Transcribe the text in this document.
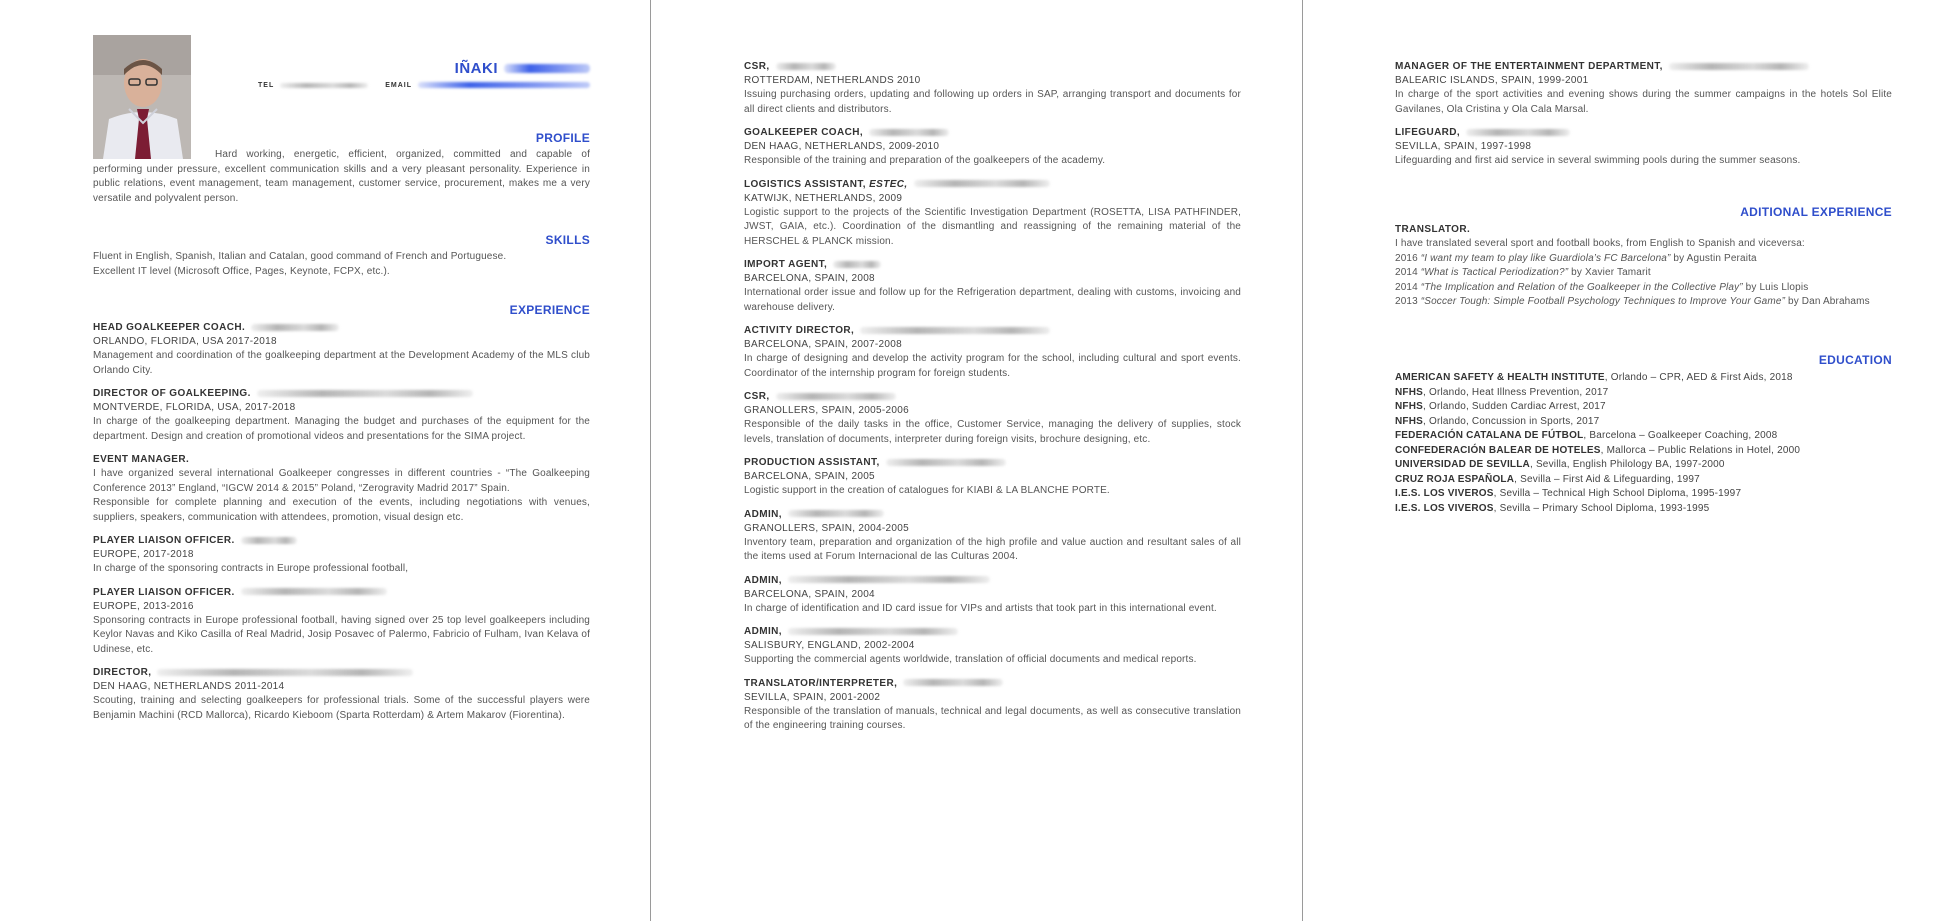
IÑAKI
TEL	EMAIL
PROFILE
Hard working, energetic, efficient, organized, committed and capable of performing under pressure, excellent communication skills and a very pleasant personality. Experience in public relations, event management, team management, customer service, procurement, makes me a very versatile and polyvalent person.
SKILLS
Fluent in English, Spanish, Italian and Catalan, good command of French and Portuguese.
Excellent IT level (Microsoft Office, Pages, Keynote, FCPX, etc.).
EXPERIENCE
HEAD GOALKEEPER COACH.
ORLANDO, FLORIDA, USA 2017-2018
Management and coordination of the goalkeeping department at the Development Academy of the MLS club Orlando City.
DIRECTOR OF GOALKEEPING.
MONTVERDE, FLORIDA, USA, 2017-2018
In charge of the goalkeeping department. Managing the budget and purchases of the equipment for the department. Design and creation of promotional videos and presentations for the SIMA project.
EVENT MANAGER.
I have organized several international Goalkeeper congresses in different countries - “The Goalkeeping Conference 2013” England, “IGCW 2014 & 2015” Poland, “Zerogravity Madrid 2017” Spain.
Responsible for complete planning and execution of the events, including negotiations with venues, suppliers, speakers, communication with attendees, promotion, visual design etc.
PLAYER LIAISON OFFICER.
EUROPE, 2017-2018
In charge of the sponsoring contracts in Europe professional football,
PLAYER LIAISON OFFICER.
EUROPE, 2013-2016
Sponsoring contracts in Europe professional football, having signed over 25 top level goalkeepers including Keylor Navas and Kiko Casilla of Real Madrid, Josip Posavec of Palermo, Fabricio of Fulham, Ivan Kelava of Udinese, etc.
DIRECTOR,
DEN HAAG, NETHERLANDS 2011-2014
Scouting, training and selecting goalkeepers for professional trials. Some of the successful players were Benjamin Machini (RCD Mallorca), Ricardo Kieboom (Sparta Rotterdam) & Artem Makarov (Fiorentina).
CSR,
ROTTERDAM, NETHERLANDS 2010
Issuing purchasing orders, updating and following up orders in SAP, arranging transport and documents for all direct clients and distributors.
GOALKEEPER COACH,
DEN HAAG, NETHERLANDS, 2009-2010
Responsible of the training and preparation of the goalkeepers of the academy.
LOGISTICS ASSISTANT, ESTEC,
KATWIJK, NETHERLANDS, 2009
Logistic support to the projects of the Scientific Investigation Department (ROSETTA, LISA PATHFINDER, JWST, GAIA, etc.). Coordination of the dismantling and reassigning of the remaining material of the HERSCHEL & PLANCK mission.
IMPORT AGENT,
BARCELONA, SPAIN, 2008
International order issue and follow up for the Refrigeration department, dealing with customs, invoicing and warehouse delivery.
ACTIVITY DIRECTOR,
BARCELONA, SPAIN, 2007-2008
In charge of designing and develop the activity program for the school, including cultural and sport events. Coordinator of the internship program for foreign students.
CSR,
GRANOLLERS, SPAIN, 2005-2006
Responsible of the daily tasks in the office, Customer Service, managing the delivery of supplies, stock levels, translation of documents, interpreter during foreign visits, brochure designing, etc.
PRODUCTION ASSISTANT,
BARCELONA, SPAIN, 2005
Logistic support in the creation of catalogues for KIABI & LA BLANCHE PORTE.
ADMIN,
GRANOLLERS, SPAIN, 2004-2005
Inventory team, preparation and organization of the high profile and value auction and resultant sales of all the items used at Forum Internacional de las Culturas 2004.
ADMIN,
BARCELONA, SPAIN, 2004
In charge of identification and ID card issue for VIPs and artists that took part in this international event.
ADMIN,
SALISBURY, ENGLAND, 2002-2004
Supporting the commercial agents worldwide, translation of official documents and medical reports.
TRANSLATOR/INTERPRETER,
SEVILLA, SPAIN, 2001-2002
Responsible of the translation of manuals, technical and legal documents, as well as consecutive translation of the engineering training courses.
MANAGER OF THE ENTERTAINMENT DEPARTMENT,
BALEARIC ISLANDS, SPAIN, 1999-2001
In charge of the sport activities and evening shows during the summer campaigns in the hotels Sol Elite Gavilanes, Ola Cristina y Ola Cala Marsal.
LIFEGUARD,
SEVILLA, SPAIN, 1997-1998
Lifeguarding and first aid service in several swimming pools during the summer seasons.
ADITIONAL EXPERIENCE
TRANSLATOR.
I have translated several sport and football books, from English to Spanish and viceversa:
2016 “I want my team to play like Guardiola’s FC Barcelona” by Agustin Peraita
2014 “What is Tactical Periodization?” by Xavier Tamarit
2014 “The Implication and Relation of the Goalkeeper in the Collective Play” by Luis Llopis
2013 “Soccer Tough: Simple Football Psychology Techniques to Improve Your Game” by Dan Abrahams
EDUCATION
AMERICAN SAFETY & HEALTH INSTITUTE, Orlando – CPR, AED & First Aids, 2018
NFHS, Orlando, Heat Illness Prevention, 2017
NFHS, Orlando, Sudden Cardiac Arrest, 2017
NFHS, Orlando, Concussion in Sports, 2017
FEDERACIÓN CATALANA DE FÚTBOL, Barcelona – Goalkeeper Coaching, 2008
CONFEDERACIÓN BALEAR DE HOTELES, Mallorca – Public Relations in Hotel, 2000
UNIVERSIDAD DE SEVILLA, Sevilla, English Philology BA, 1997-2000
CRUZ ROJA ESPAÑOLA, Sevilla – First Aid & Lifeguarding, 1997
I.E.S. LOS VIVEROS, Sevilla – Technical High School Diploma, 1995-1997
I.E.S. LOS VIVEROS, Sevilla – Primary School Diploma, 1993-1995
